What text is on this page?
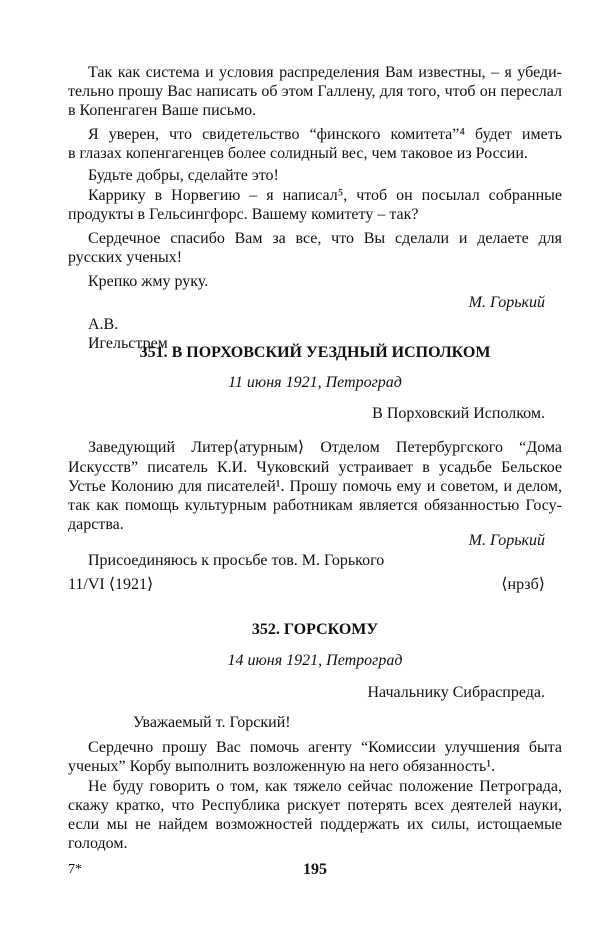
Так как система и условия распределения Вам известны, – я убеди-
тельно прошу Вас написать об этом Галлену, для того, чтоб он переслал
в Копенгаген Ваше письмо.
Я уверен, что свидетельство “финского комитета”⁴ будет иметь
в глазах копенгагенцев более солидный вес, чем таковое из России.
Будьте добры, сделайте это!
Каррику в Норвегию – я написал⁵, чтоб он посылал собранные
продукты в Гельсингфорс. Вашему комитету – так?
Сердечное спасибо Вам за все, что Вы сделали и делаете для
русских ученых!
Крепко жму руку.
М. Горький
А.В.
Игельстрем
351. В ПОРХОВСКИЙ УЕЗДНЫЙ ИСПОЛКОМ
11 июня 1921, Петроград
В Порховский Исполком.
Заведующий Литер⟨атурным⟩ Отделом Петербургского “Дома
Искусств” писатель К.И. Чуковский устраивает в усадьбе Бельское
Устье Колонию для писателей¹. Прошу помочь ему и советом, и делом,
так как помощь культурным работникам является обязанностью Госу-
дарства.
М. Горький
Присоединяюсь к просьбе тов. М. Горького
11/VI ⟨1921⟩	⟨нрзб⟩
352. ГОРСКОМУ
14 июня 1921, Петроград
Начальнику Сибраспреда.
Уважаемый т. Горский!
Сердечно прошу Вас помочь агенту “Комиссии улучшения быта
ученых” Корбу выполнить возложенную на него обязанность¹.
Не буду говорить о том, как тяжело сейчас положение Петрограда,
скажу кратко, что Республика рискует потерять всех деятелей науки,
если мы не найдем возможностей поддержать их силы, истощаемые
голодом.
7*	195
